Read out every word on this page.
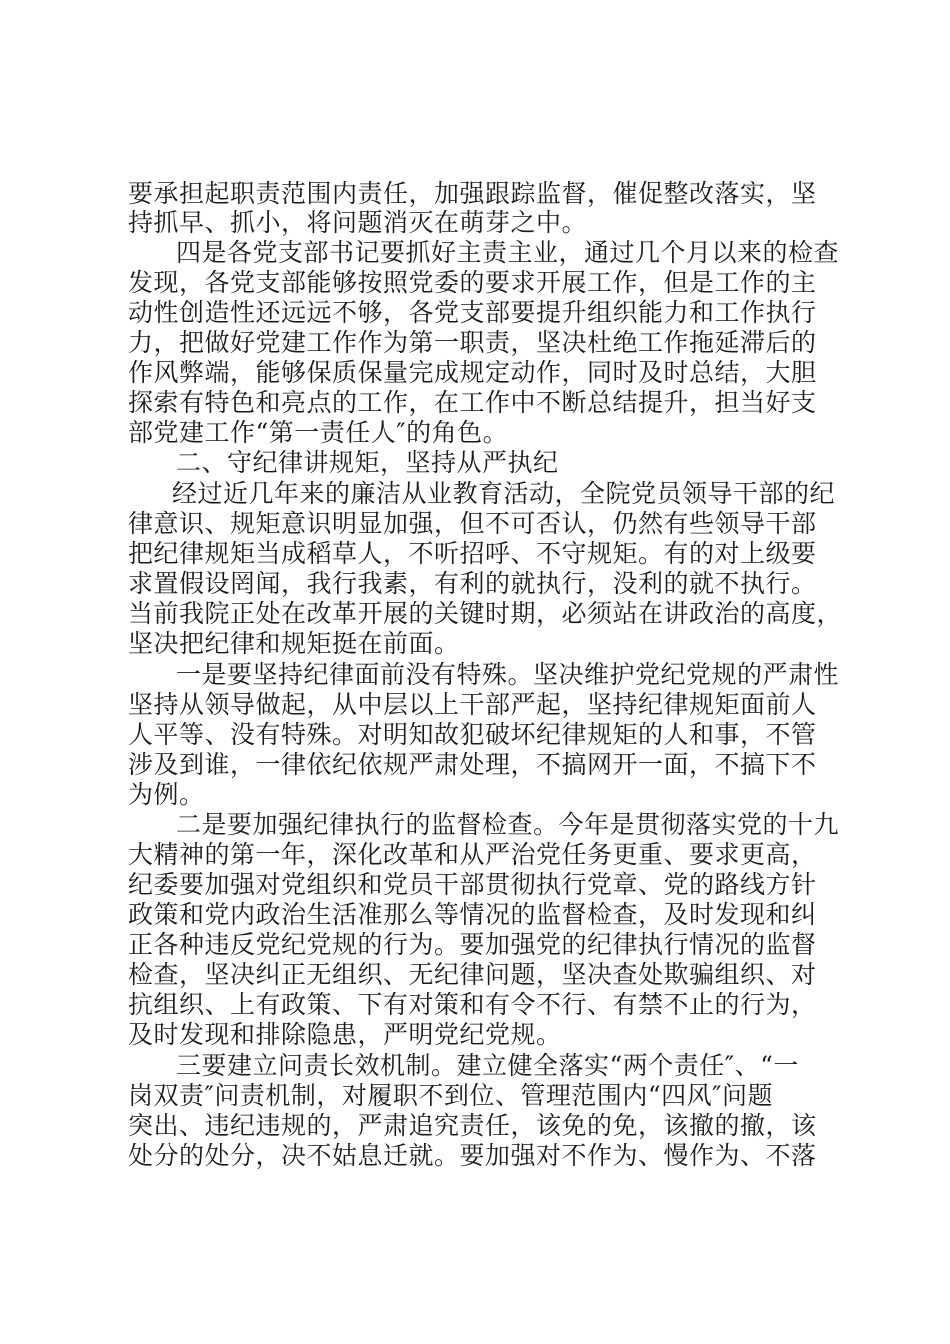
要承担起职责范围内责任，加强跟踪监督，催促整改落实，坚
持抓早、抓小，将问题消灭在萌芽之中。
四是各党支部书记要抓好主责主业，通过几个月以来的检查
发现，各党支部能够按照党委的要求开展工作，但是工作的主
动性创造性还远远不够，各党支部要提升组织能力和工作执行
力，把做好党建工作作为第一职责，坚决杜绝工作拖延滞后的
作风弊端，能够保质保量完成规定动作，同时及时总结，大胆
探索有特色和亮点的工作，在工作中不断总结提升，担当好支
部党建工作“第一责任人″的角色。
二、守纪律讲规矩，坚持从严执纪
经过近几年来的廉洁从业教育活动，全院党员领导干部的纪
律意识、规矩意识明显加强，但不可否认，仍然有些领导干部
把纪律规矩当成稻草人，不听招呼、不守规矩。有的对上级要
求置假设罔闻，我行我素，有利的就执行，没利的就不执行。
当前我院正处在改革开展的关键时期，必须站在讲政治的高度，
坚决把纪律和规矩挺在前面。
一是要坚持纪律面前没有特殊。坚决维护党纪党规的严肃性
坚持从领导做起，从中层以上干部严起，坚持纪律规矩面前人
人平等、没有特殊。对明知故犯破坏纪律规矩的人和事，不管
涉及到谁，一律依纪依规严肃处理，不搞网开一面，不搞下不
为例。
二是要加强纪律执行的监督检查。今年是贯彻落实党的十九
大精神的第一年，深化改革和从严治党任务更重、要求更高，
纪委要加强对党组织和党员干部贯彻执行党章、党的路线方针
政策和党内政治生活准那么等情况的监督检查，及时发现和纠
正各种违反党纪党规的行为。要加强党的纪律执行情况的监督
检查，坚决纠正无组织、无纪律问题，坚决查处欺骗组织、对
抗组织、上有政策、下有对策和有令不行、有禁不止的行为，
及时发现和排除隐患，严明党纪党规。
三要建立问责长效机制。建立健全落实“两个责任″、“一
岗双责″问责机制，对履职不到位、管理范围内“四风″问题
突出、违纪违规的，严肃追究责任，该免的免，该撤的撤，该
处分的处分，决不姑息迁就。要加强对不作为、慢作为、不落
